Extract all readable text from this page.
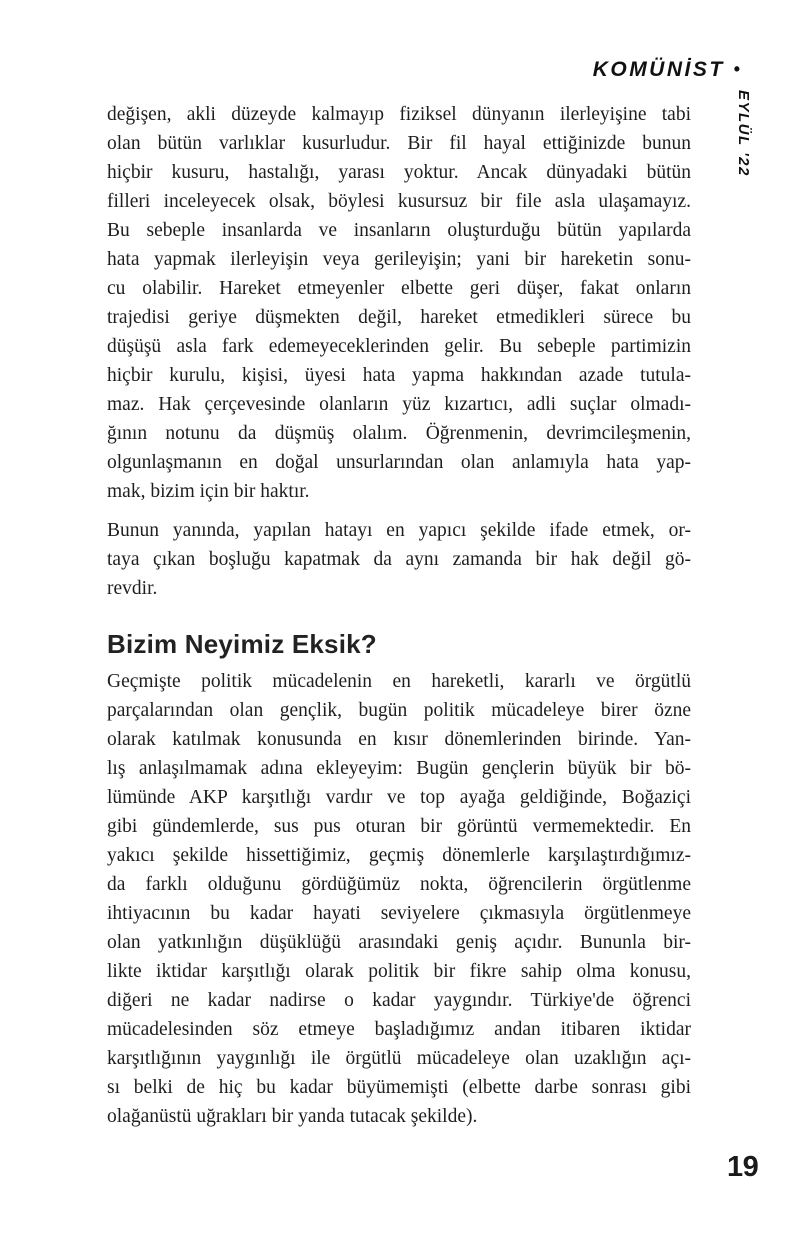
KOMÜNİST •
EYLÜL '22
değişen, akli düzeyde kalmayıp fiziksel dünyanın ilerleyişine tabi
olan bütün varlıklar kusurludur. Bir fil hayal ettiğinizde bunun
hiçbir kusuru, hastalığı, yarası yoktur. Ancak dünyadaki bütün
filleri inceleyecek olsak, böylesi kusursuz bir file asla ulaşamayız.
Bu sebeple insanlarda ve insanların oluşturduğu bütün yapılarda
hata yapmak ilerleyişin veya gerileyişin; yani bir hareketin sonu-
cu olabilir. Hareket etmeyenler elbette geri düşer, fakat onların
trajedisi geriye düşmekten değil, hareket etmedikleri sürece bu
düşüşü asla fark edemeyeceklerinden gelir. Bu sebeple partimizin
hiçbir kurulu, kişisi, üyesi hata yapma hakkından azade tutula-
maz. Hak çerçevesinde olanların yüz kızartıcı, adli suçlar olmadı-
ğının notunu da düşmüş olalım. Öğrenmenin, devrimcileşmenin,
olgunlaşmanın en doğal unsurlarından olan anlamıyla hata yap-
mak, bizim için bir haktır.
Bunun yanında, yapılan hatayı en yapıcı şekilde ifade etmek, or-
taya çıkan boşluğu kapatmak da aynı zamanda bir hak değil gö-
revdir.
Bizim Neyimiz Eksik?
Geçmişte politik mücadelenin en hareketli, kararlı ve örgütlü
parçalarından olan gençlik, bugün politik mücadeleye birer özne
olarak katılmak konusunda en kısır dönemlerinden birinde. Yan-
lış anlaşılmamak adına ekleyeyim: Bugün gençlerin büyük bir bö-
lümünde AKP karşıtlığı vardır ve top ayağa geldiğinde, Boğaziçi
gibi gündemlerde, sus pus oturan bir görüntü vermemektedir. En
yakıcı şekilde hissettiğimiz, geçmiş dönemlerle karşılaştırdığımız-
da farklı olduğunu gördüğümüz nokta, öğrencilerin örgütlenme
ihtiyacının bu kadar hayati seviyelere çıkmasıyla örgütlenmeye
olan yatkınlığın düşüklüğü arasındaki geniş açıdır. Bununla bir-
likte iktidar karşıtlığı olarak politik bir fikre sahip olma konusu,
diğeri ne kadar nadirse o kadar yaygındır. Türkiye'de öğrenci
mücadelesinden söz etmeye başladığımız andan itibaren iktidar
karşıtlığının yaygınlığı ile örgütlü mücadeleye olan uzaklığın açı-
sı belki de hiç bu kadar büyümemişti (elbette darbe sonrası gibi
olağanüstü uğrakları bir yanda tutacak şekilde).
19
